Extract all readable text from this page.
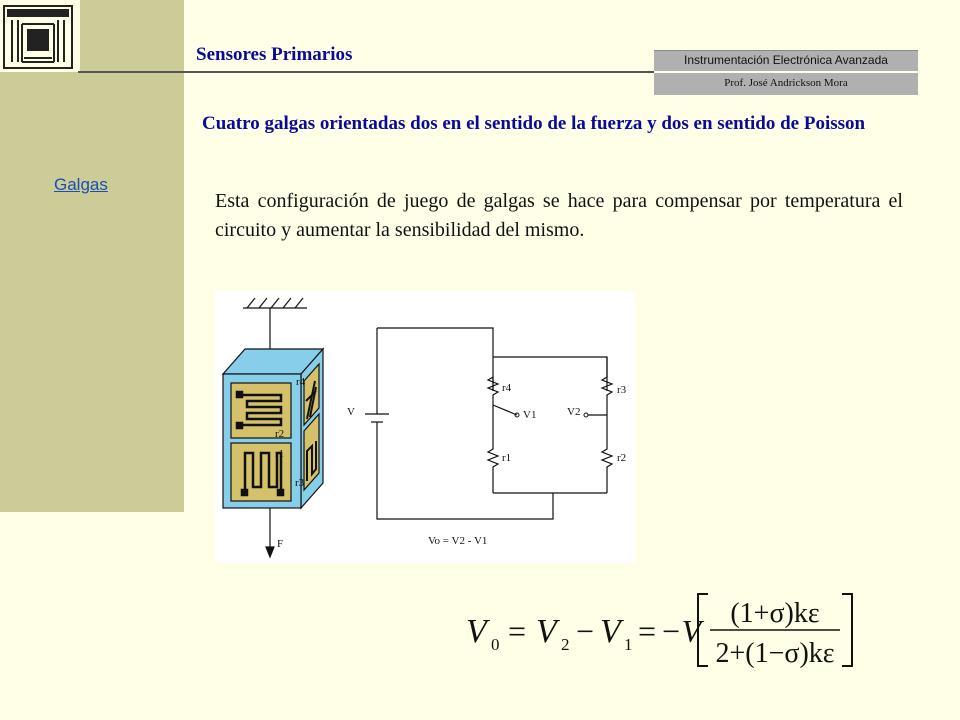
Sensores Primarios	Instrumentación Electrónica Avanzada
Prof. José Andrickson Mora
Galgas
Cuatro galgas orientadas dos en el sentido de la fuerza y dos en sentido de Poisson
Esta configuración de juego de galgas se hace para compensar por temperatura el circuito y aumentar la sensibilidad del mismo.
r4
r2
r1
r3
F
V
r4	r3
r1	r2
V1	V2
Vo = V2 - V1
V 0 = V 2 − V 1 = −V (1+σ)kε
2+(1−σ)kε
